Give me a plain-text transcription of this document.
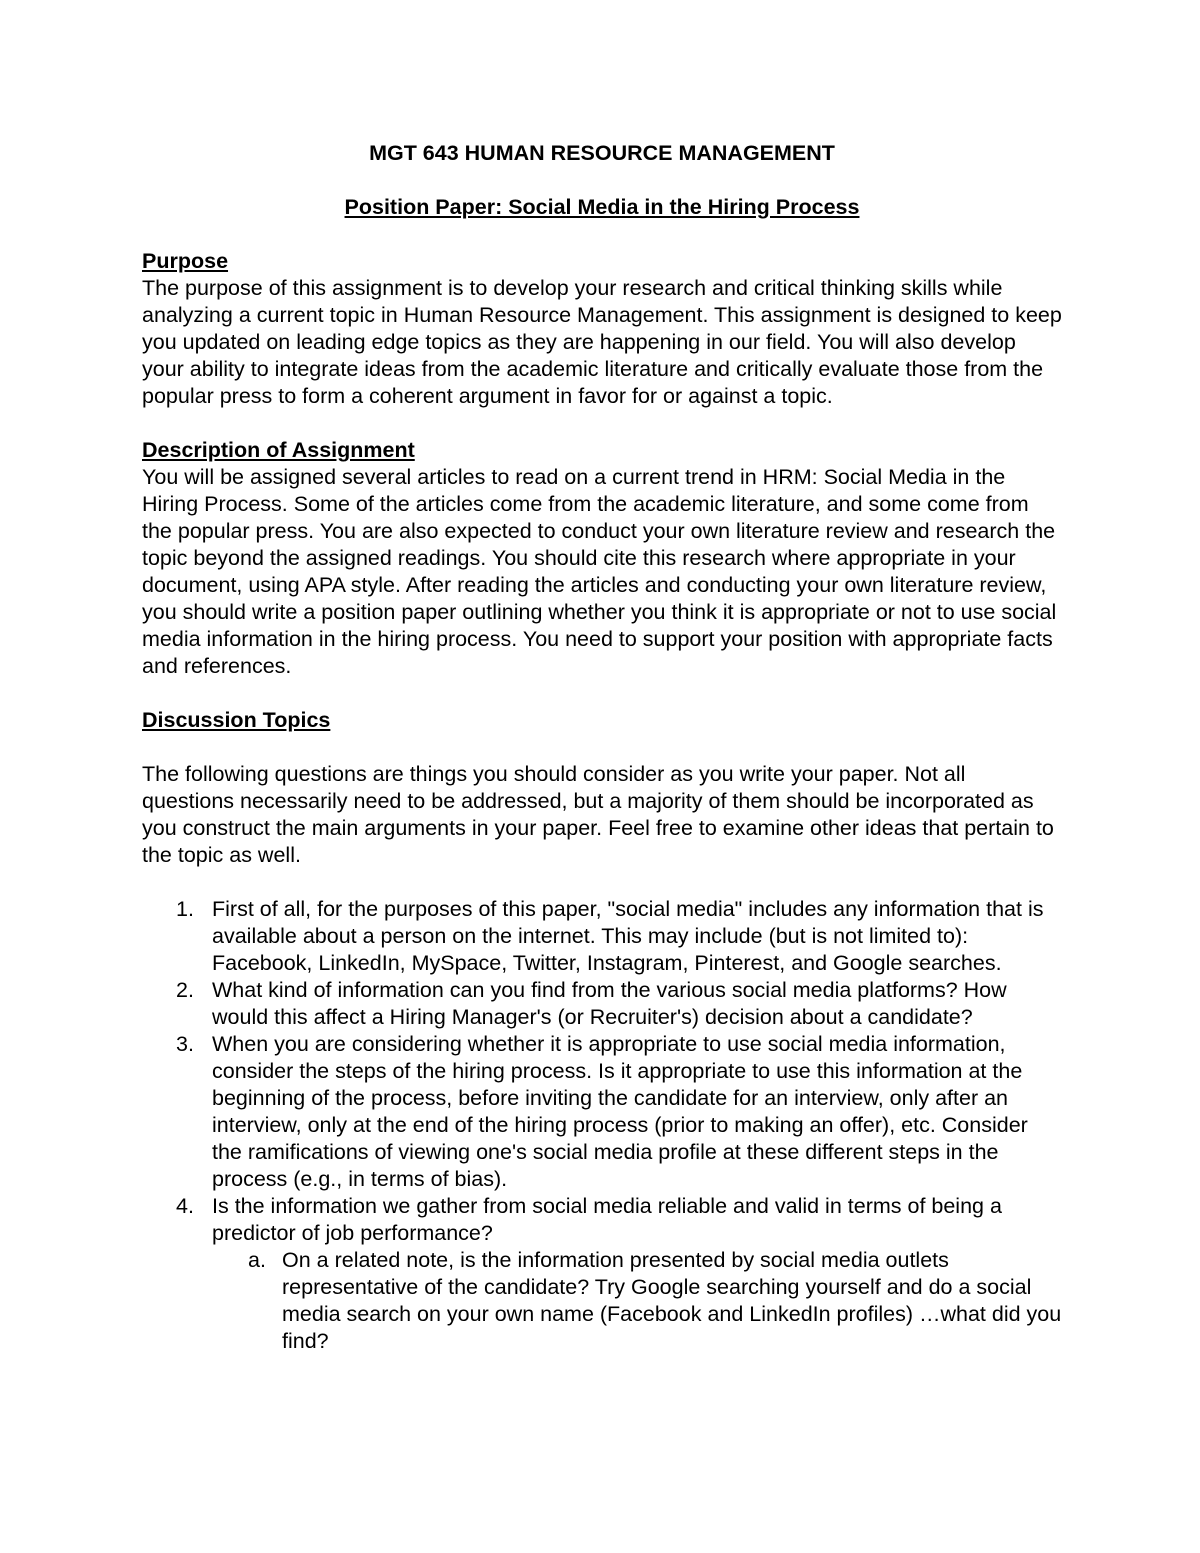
MGT 643 HUMAN RESOURCE MANAGEMENT
Position Paper: Social Media in the Hiring Process
Purpose
The purpose of this assignment is to develop your research and critical thinking skills while analyzing a current topic in Human Resource Management. This assignment is designed to keep you updated on leading edge topics as they are happening in our field. You will also develop your ability to integrate ideas from the academic literature and critically evaluate those from the popular press to form a coherent argument in favor for or against a topic.
Description of Assignment
You will be assigned several articles to read on a current trend in HRM: Social Media in the Hiring Process. Some of the articles come from the academic literature, and some come from the popular press. You are also expected to conduct your own literature review and research the topic beyond the assigned readings. You should cite this research where appropriate in your document, using APA style. After reading the articles and conducting your own literature review, you should write a position paper outlining whether you think it is appropriate or not to use social media information in the hiring process. You need to support your position with appropriate facts and references.
Discussion Topics
The following questions are things you should consider as you write your paper. Not all questions necessarily need to be addressed, but a majority of them should be incorporated as you construct the main arguments in your paper. Feel free to examine other ideas that pertain to the topic as well.
1. First of all, for the purposes of this paper, "social media" includes any information that is available about a person on the internet. This may include (but is not limited to): Facebook, LinkedIn, MySpace, Twitter, Instagram, Pinterest, and Google searches.
2. What kind of information can you find from the various social media platforms? How would this affect a Hiring Manager's (or Recruiter's) decision about a candidate?
3. When you are considering whether it is appropriate to use social media information, consider the steps of the hiring process. Is it appropriate to use this information at the beginning of the process, before inviting the candidate for an interview, only after an interview, only at the end of the hiring process (prior to making an offer), etc. Consider the ramifications of viewing one's social media profile at these different steps in the process (e.g., in terms of bias).
4. Is the information we gather from social media reliable and valid in terms of being a predictor of job performance?
a. On a related note, is the information presented by social media outlets representative of the candidate? Try Google searching yourself and do a social media search on your own name (Facebook and LinkedIn profiles) …what did you find?
